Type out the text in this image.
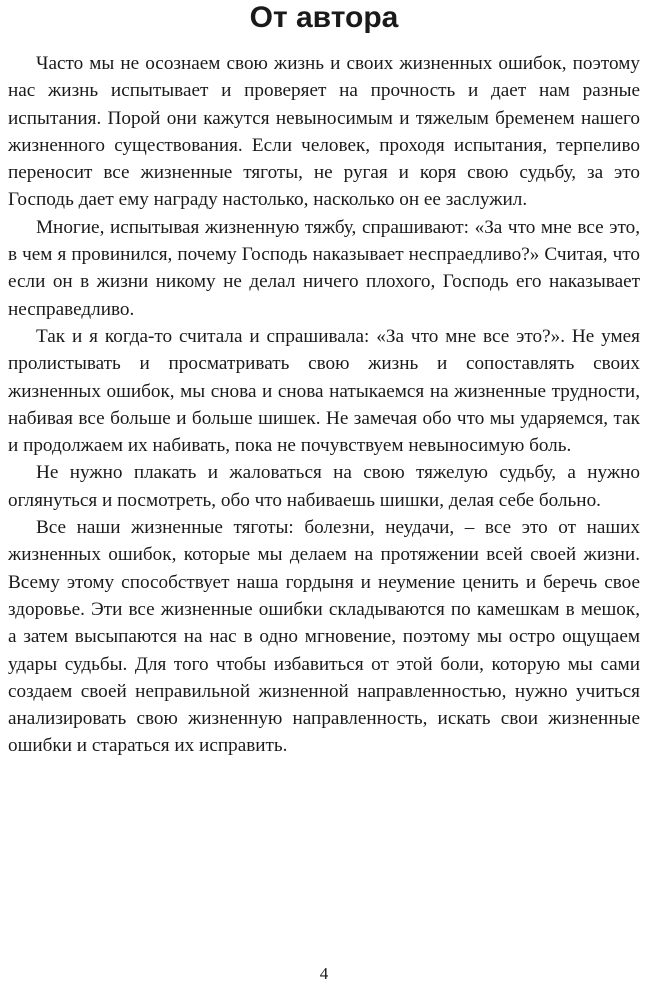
От автора

Часто мы не осознаем свою жизнь и своих жизненных ошибок, поэтому нас жизнь испытывает и проверяет на прочность и дает нам разные испытания. Порой они кажутся невыносимым и тяжелым бременем нашего жизненного существования. Если человек, проходя испытания, терпеливо переносит все жизненные тяготы, не ругая и коря свою судьбу, за это Господь дает ему награду настолько, насколько он ее заслужил.

Многие, испытывая жизненную тяжбу, спрашивают: «За что мне все это, в чем я провинился, почему Господь наказывает неспраедливо?» Считая, что если он в жизни никому не делал ничего плохого, Господь его наказывает несправедливо.

Так и я когда-то считала и спрашивала: «За что мне все это?». Не умея пролистывать и просматривать свою жизнь и сопоставлять своих жизненных ошибок, мы снова и снова натыкаемся на жизненные трудности, набивая все больше и больше шишек. Не замечая обо что мы ударяемся, так и продолжаем их набивать, пока не почувствуем невыносимую боль.

Не нужно плакать и жаловаться на свою тяжелую судьбу, а нужно оглянуться и посмотреть, обо что набиваешь шишки, делая себе больно.

Все наши жизненные тяготы: болезни, неудачи, – все это от наших жизненных ошибок, которые мы делаем на протяжении всей своей жизни. Всему этому способствует наша гордыня и неумение ценить и беречь свое здоровье. Эти все жизненные ошибки складываются по камешкам в мешок, а затем высыпаются на нас в одно мгновение, поэтому мы остро ощущаем удары судьбы. Для того чтобы избавиться от этой боли, которую мы сами создаем своей неправильной жизненной направленностью, нужно учиться анализировать свою жизненную направленность, искать свои жизненные ошибки и стараться их исправить.

4
